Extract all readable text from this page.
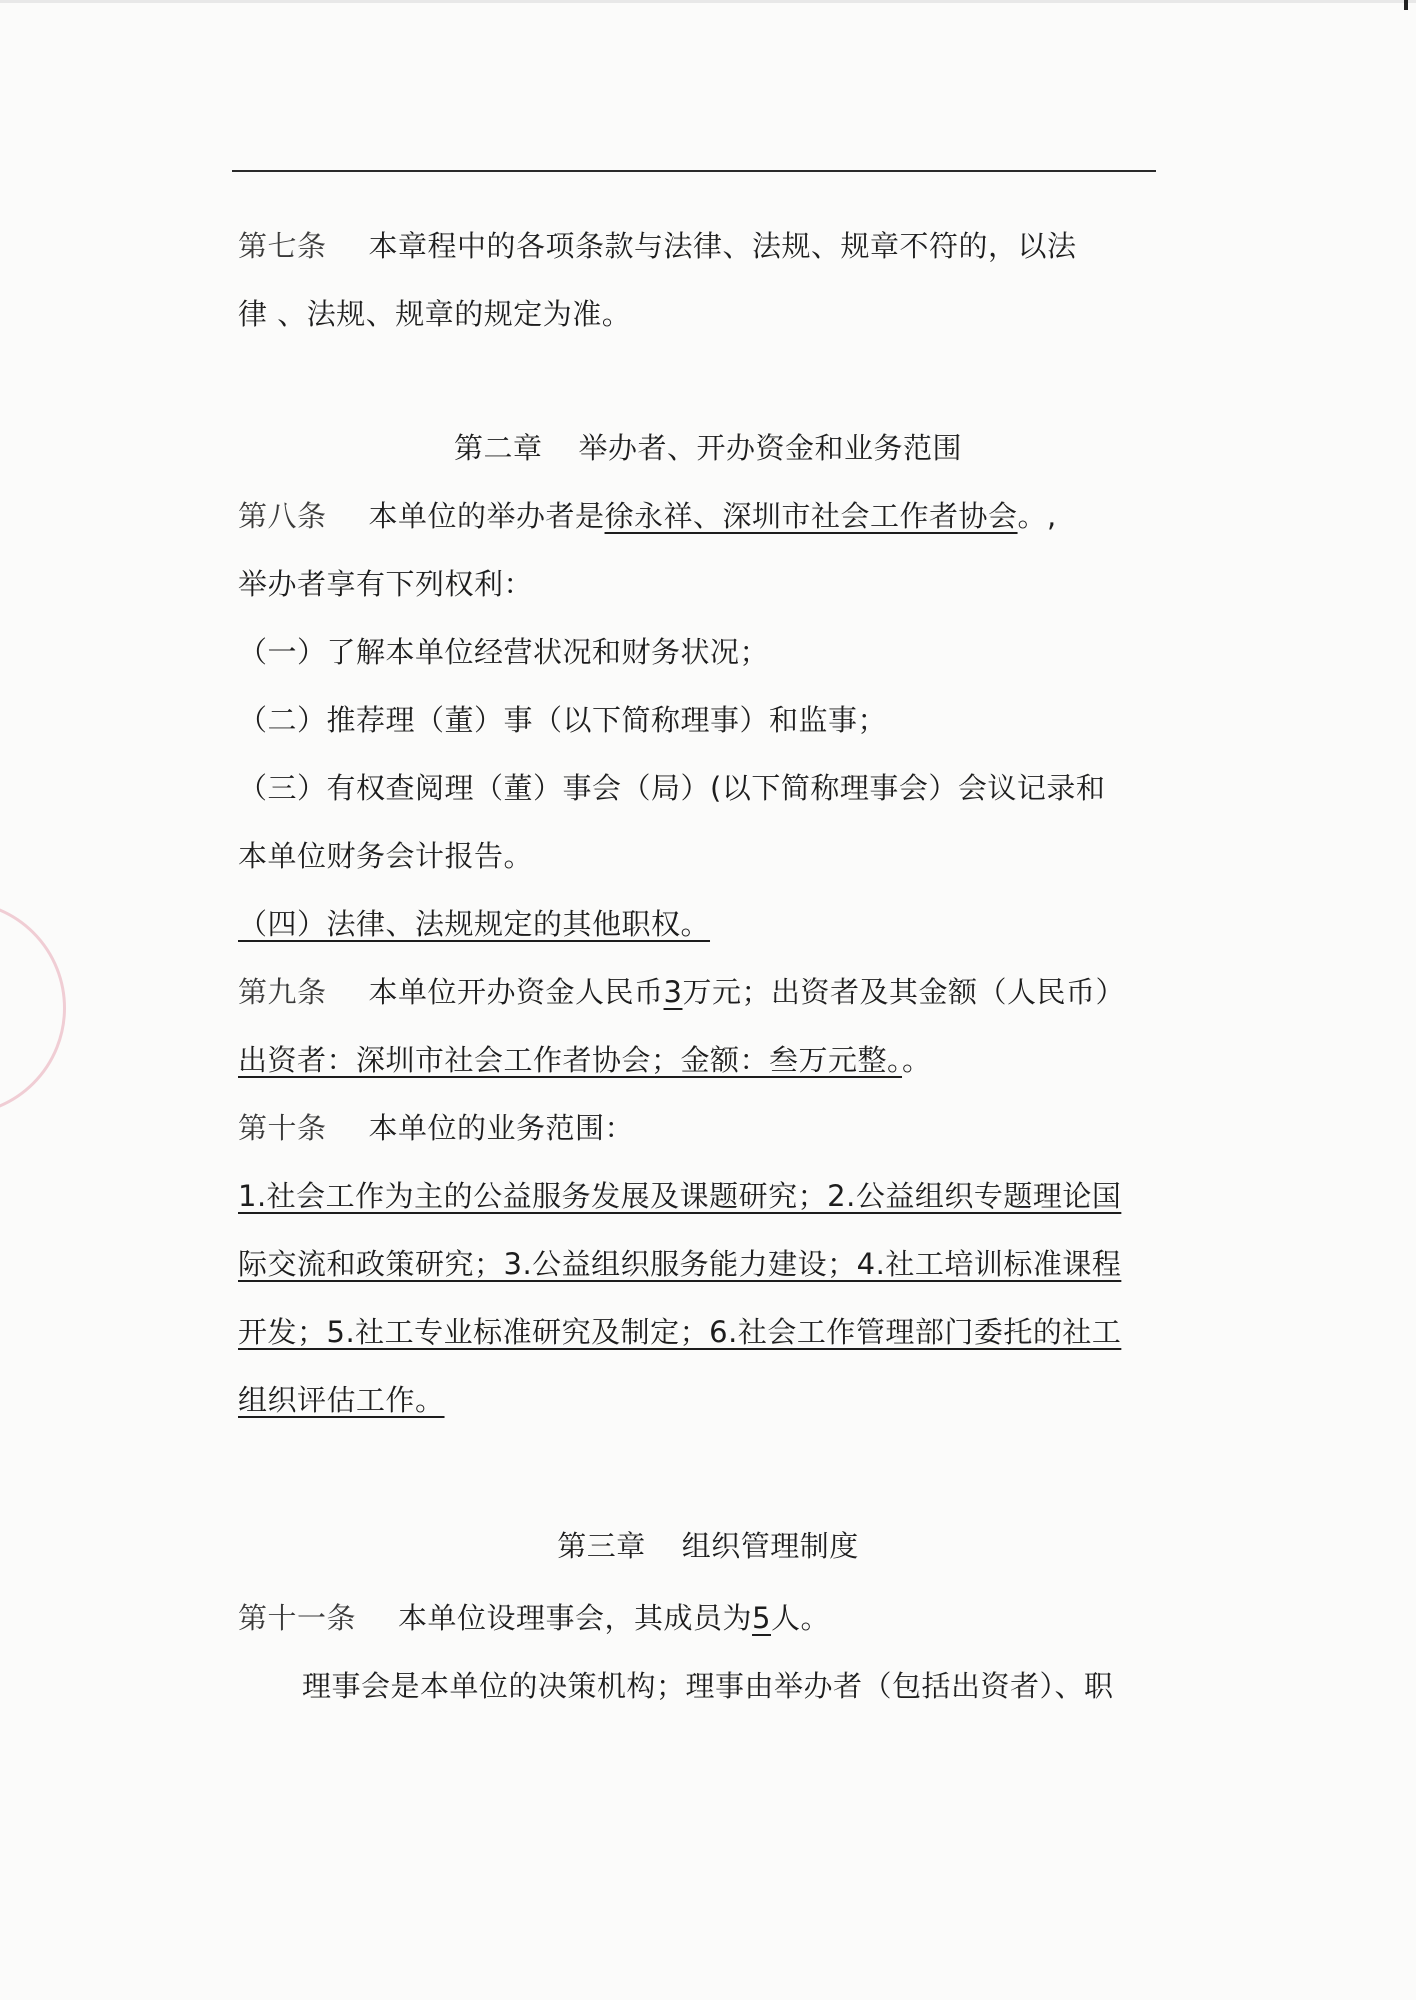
第七条 本章程中的各项条款与法律、法规、规章不符的，以法
律 、法规、规章的规定为准。
第二章 举办者、开办资金和业务范围
第八条 本单位的举办者是徐永祥、深圳市社会工作者协会。,
举办者享有下列权利：
（一）了解本单位经营状况和财务状况；
（二）推荐理（董）事（以下简称理事）和监事；
（三）有权查阅理（董）事会（局）(以下简称理事会）会议记录和
本单位财务会计报告。
（四）法律、法规规定的其他职权。
第九条 本单位开办资金人民币3万元；出资者及其金额（人民币）
出资者：深圳市社会工作者协会；金额：叁万元整。。
第十条 本单位的业务范围：
1.社会工作为主的公益服务发展及课题研究；2.公益组织专题理论国
际交流和政策研究；3.公益组织服务能力建设；4.社工培训标准课程
开发；5.社工专业标准研究及制定；6.社会工作管理部门委托的社工
组织评估工作。
第三章 组织管理制度
第十一条 本单位设理事会，其成员为5人。
理事会是本单位的决策机构；理事由举办者（包括出资者）、职
